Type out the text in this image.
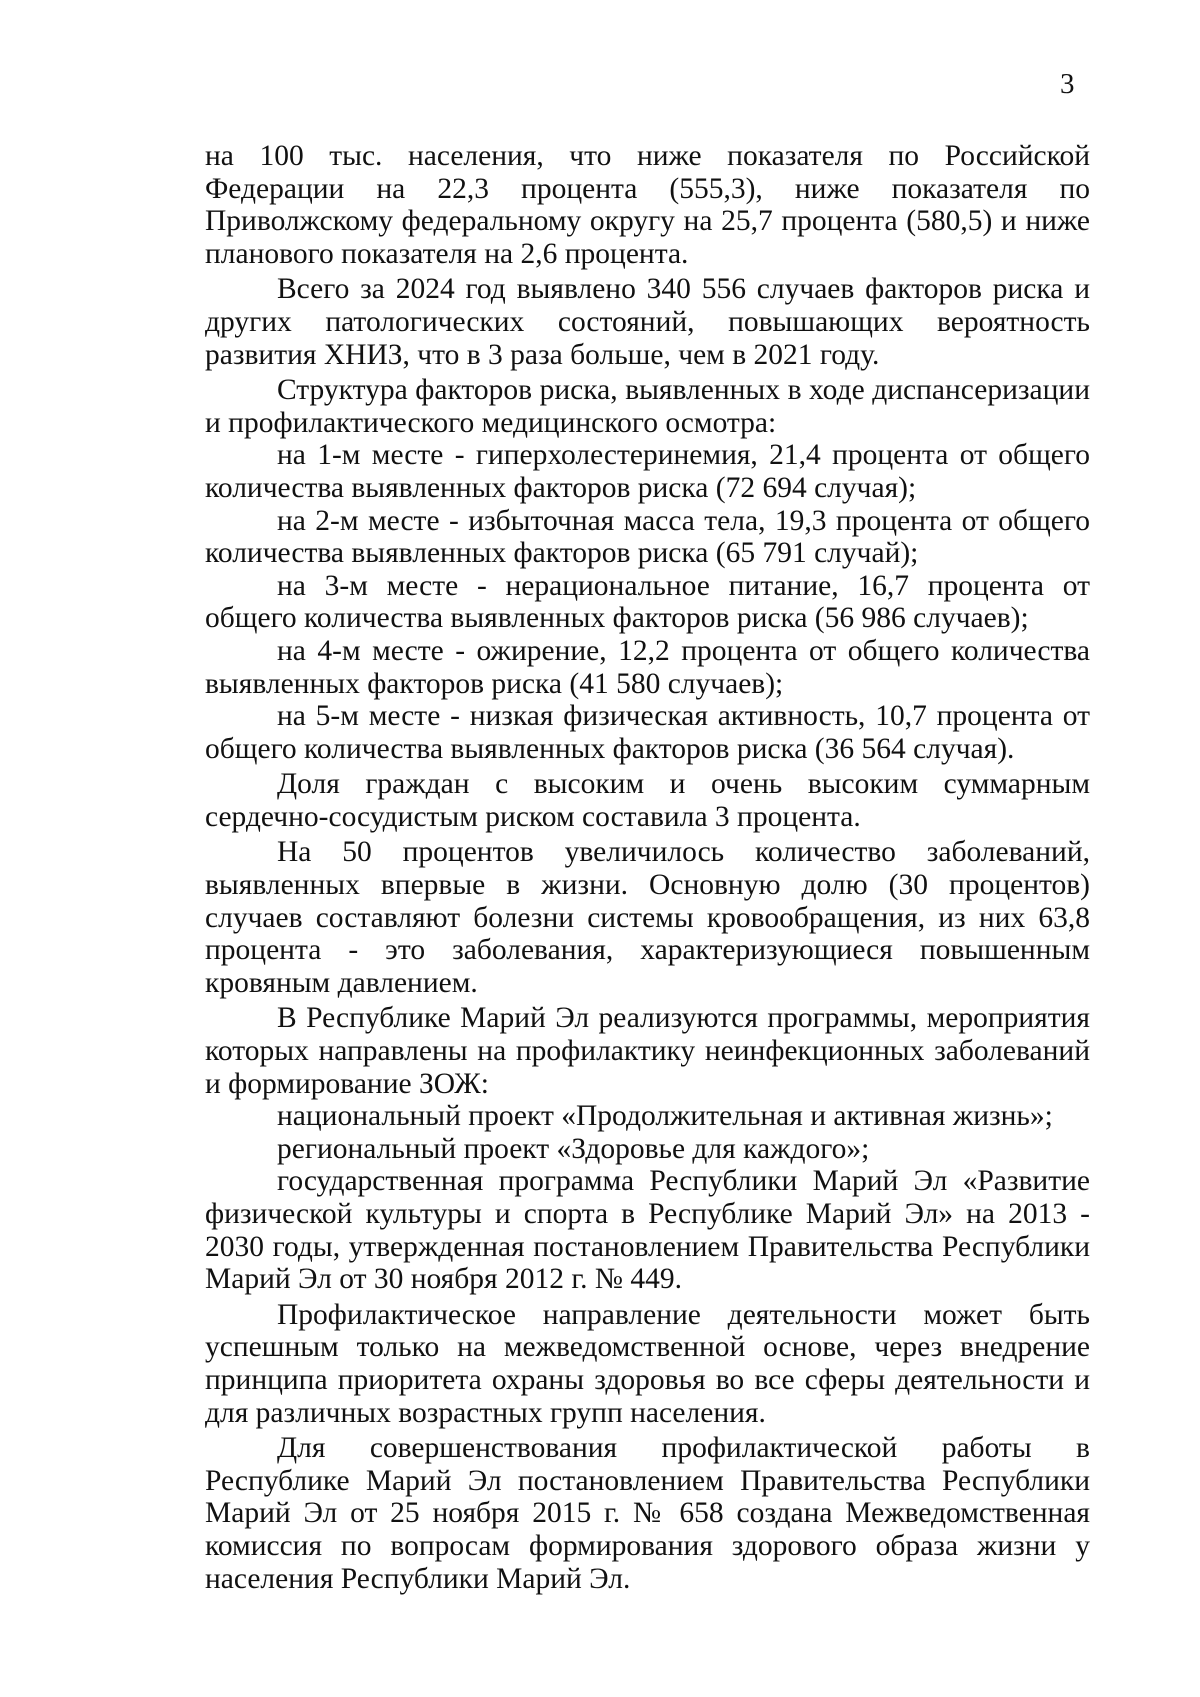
3

на 100 тыс. населения, что ниже показателя по Российской Федерации на 22,3 процента (555,3), ниже показателя по Приволжскому федеральному округу на 25,7 процента (580,5) и ниже планового показателя на 2,6 процента.

Всего за 2024 год выявлено 340 556 случаев факторов риска и других патологических состояний, повышающих вероятность развития ХНИЗ, что в 3 раза больше, чем в 2021 году.

Структура факторов риска, выявленных в ходе диспансеризации и профилактического медицинского осмотра:

на 1-м месте - гиперхолестеринемия, 21,4 процента от общего количества выявленных факторов риска (72 694 случая);

на 2-м месте - избыточная масса тела, 19,3 процента от общего количества выявленных факторов риска (65 791 случай);

на 3-м месте - нерациональное питание, 16,7 процента от общего количества выявленных факторов риска (56 986 случаев);

на 4-м месте - ожирение, 12,2 процента от общего количества выявленных факторов риска (41 580 случаев);

на 5-м месте - низкая физическая активность, 10,7 процента от общего количества выявленных факторов риска (36 564 случая).

Доля граждан с высоким и очень высоким суммарным сердечно-сосудистым риском составила 3 процента.

На 50 процентов увеличилось количество заболеваний, выявленных впервые в жизни. Основную долю (30 процентов) случаев составляют болезни системы кровообращения, из них 63,8 процента - это заболевания, характеризующиеся повышенным кровяным давлением.

В Республике Марий Эл реализуются программы, мероприятия которых направлены на профилактику неинфекционных заболеваний и формирование ЗОЖ:

национальный проект «Продолжительная и активная жизнь»;

региональный проект «Здоровье для каждого»;

государственная программа Республики Марий Эл «Развитие физической культуры и спорта в Республике Марий Эл» на 2013 - 2030 годы, утвержденная постановлением Правительства Республики Марий Эл от 30 ноября 2012 г. № 449.

Профилактическое направление деятельности может быть успешным только на межведомственной основе, через внедрение принципа приоритета охраны здоровья во все сферы деятельности и для различных возрастных групп населения.

Для совершенствования профилактической работы в Республике Марий Эл постановлением Правительства Республики Марий Эл от 25 ноября 2015 г. № 658 создана Межведомственная комиссия по вопросам формирования здорового образа жизни у населения Республики Марий Эл.
